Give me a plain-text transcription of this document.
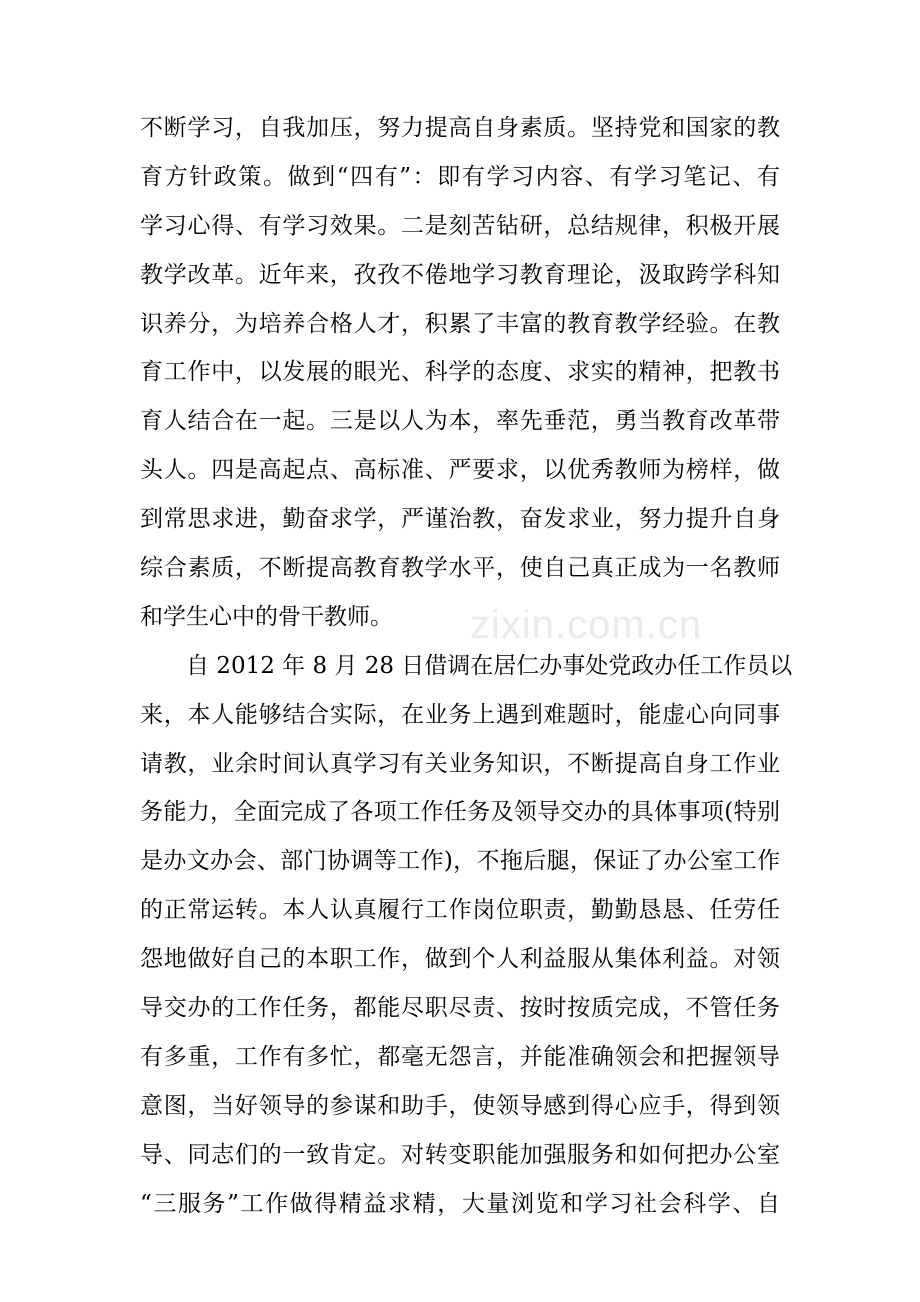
不断学习，自我加压，努力提高自身素质。坚持党和国家的教
育方针政策。做到“四有”：即有学习内容、有学习笔记、有
学习心得、有学习效果。二是刻苦钻研，总结规律，积极开展
教学改革。近年来，孜孜不倦地学习教育理论，汲取跨学科知
识养分，为培养合格人才，积累了丰富的教育教学经验。在教
育工作中，以发展的眼光、科学的态度、求实的精神，把教书
育人结合在一起。三是以人为本，率先垂范，勇当教育改革带
头人。四是高起点、高标准、严要求，以优秀教师为榜样，做
到常思求进，勤奋求学，严谨治教，奋发求业，努力提升自身
综合素质，不断提高教育教学水平，使自己真正成为一名教师
和学生心中的骨干教师。
自 2012 年 8 月 28 日借调在居仁办事处党政办任工作员以
来，本人能够结合实际，在业务上遇到难题时，能虚心向同事
请教，业余时间认真学习有关业务知识，不断提高自身工作业
务能力，全面完成了各项工作任务及领导交办的具体事项(特别
是办文办会、部门协调等工作)，不拖后腿，保证了办公室工作
的正常运转。本人认真履行工作岗位职责，勤勤恳恳、任劳任
怨地做好自己的本职工作，做到个人利益服从集体利益。对领
导交办的工作任务，都能尽职尽责、按时按质完成，不管任务
有多重，工作有多忙，都毫无怨言，并能准确领会和把握领导
意图，当好领导的参谋和助手，使领导感到得心应手，得到领
导、同志们的一致肯定。对转变职能加强服务和如何把办公室
“三服务”工作做得精益求精，大量浏览和学习社会科学、自
zixin.com.cn
